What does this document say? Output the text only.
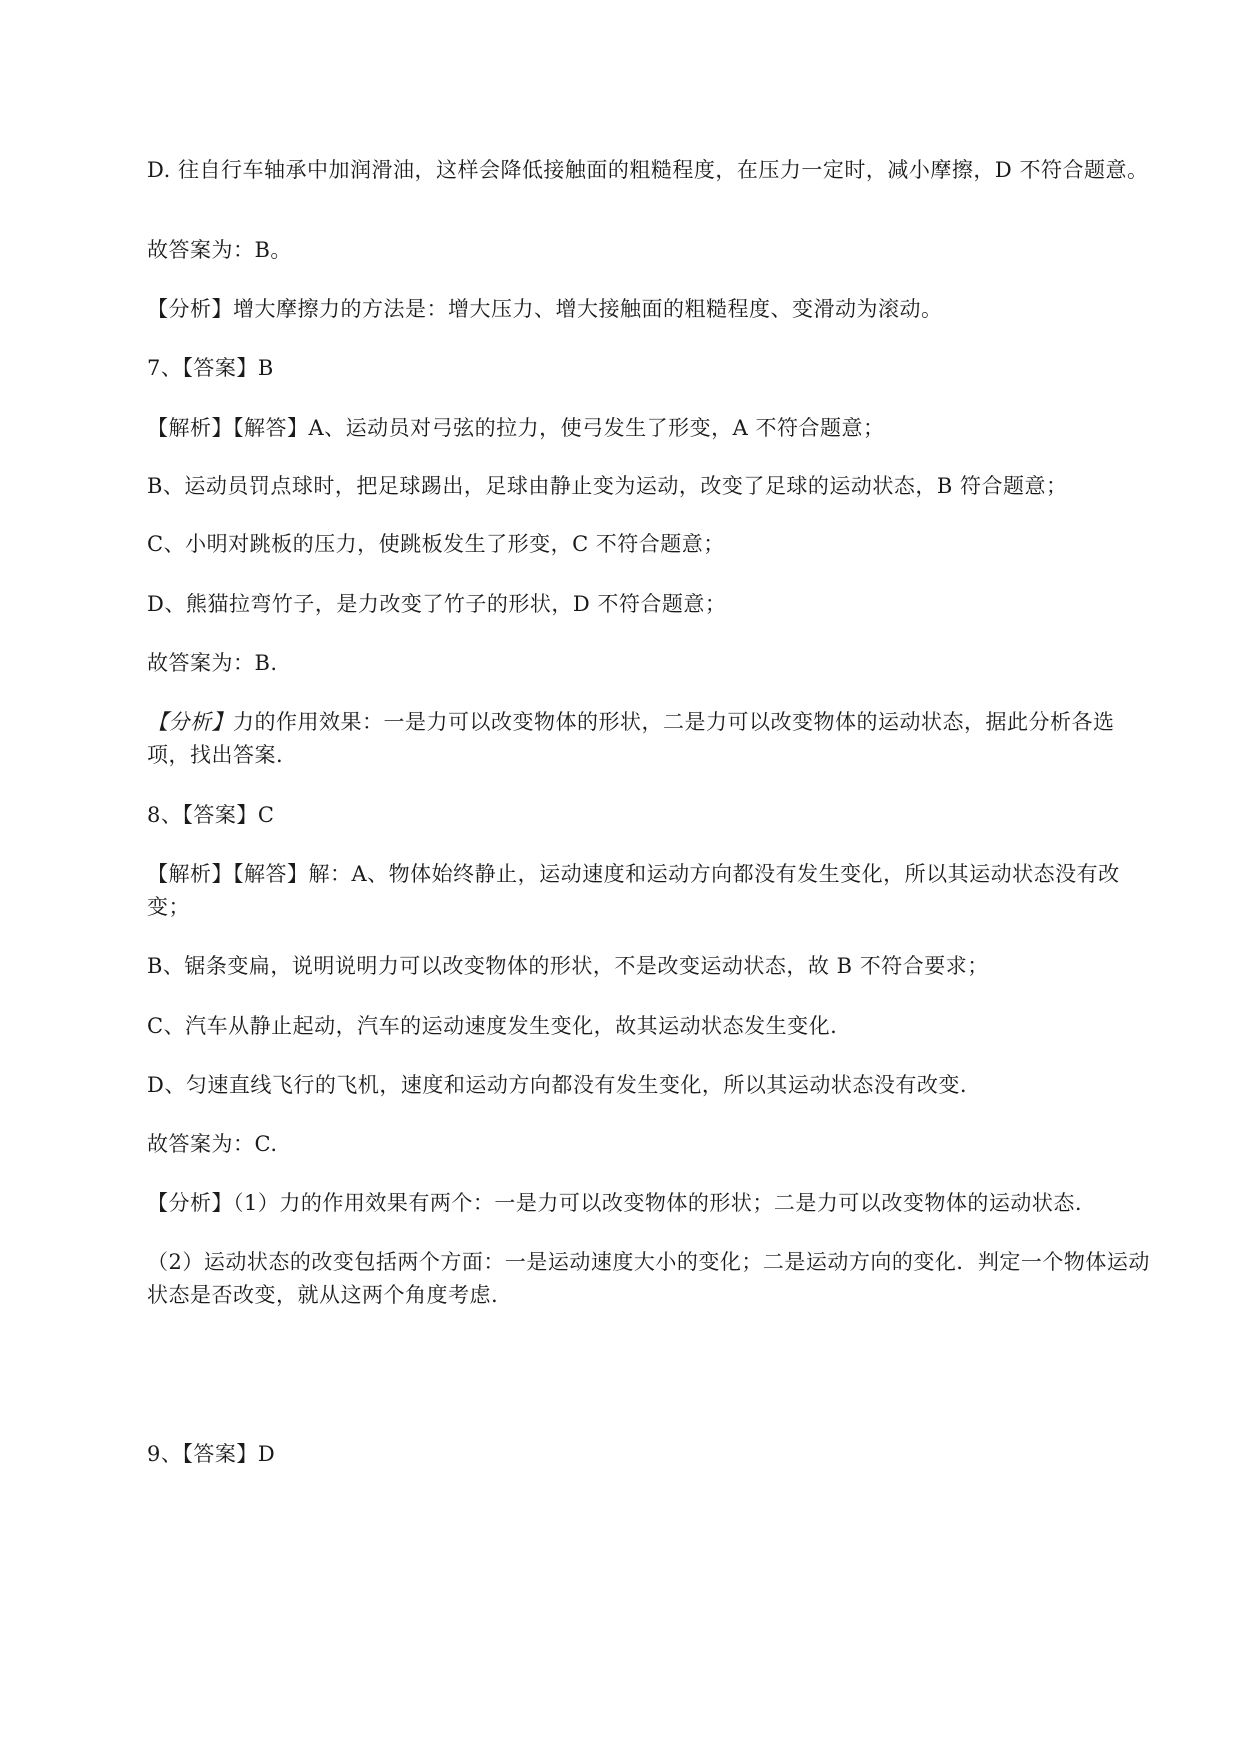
D. 往自行车轴承中加润滑油，这样会降低接触面的粗糙程度，在压力一定时，减小摩擦，D 不符合题意。
故答案为：B。
【分析】增大摩擦力的方法是：增大压力、增大接触面的粗糙程度、变滑动为滚动。
7、【答案】B
【解析】【解答】A、运动员对弓弦的拉力，使弓发生了形变，A 不符合题意；
B、运动员罚点球时，把足球踢出，足球由静止变为运动，改变了足球的运动状态，B 符合题意；
C、小明对跳板的压力，使跳板发生了形变，C 不符合题意；
D、熊猫拉弯竹子，是力改变了竹子的形状，D 不符合题意；
故答案为：B.
【分析】力的作用效果：一是力可以改变物体的形状，二是力可以改变物体的运动状态，据此分析各选项，找出答案.
8、【答案】C
【解析】【解答】解：A、物体始终静止，运动速度和运动方向都没有发生变化，所以其运动状态没有改变；
B、锯条变扁，说明说明力可以改变物体的形状，不是改变运动状态，故 B 不符合要求；
C、汽车从静止起动，汽车的运动速度发生变化，故其运动状态发生变化.
D、匀速直线飞行的飞机，速度和运动方向都没有发生变化，所以其运动状态没有改变.
故答案为：C.
【分析】（1）力的作用效果有两个：一是力可以改变物体的形状；二是力可以改变物体的运动状态.
（2）运动状态的改变包括两个方面：一是运动速度大小的变化；二是运动方向的变化．判定一个物体运动状态是否改变，就从这两个角度考虑.
9、【答案】D
